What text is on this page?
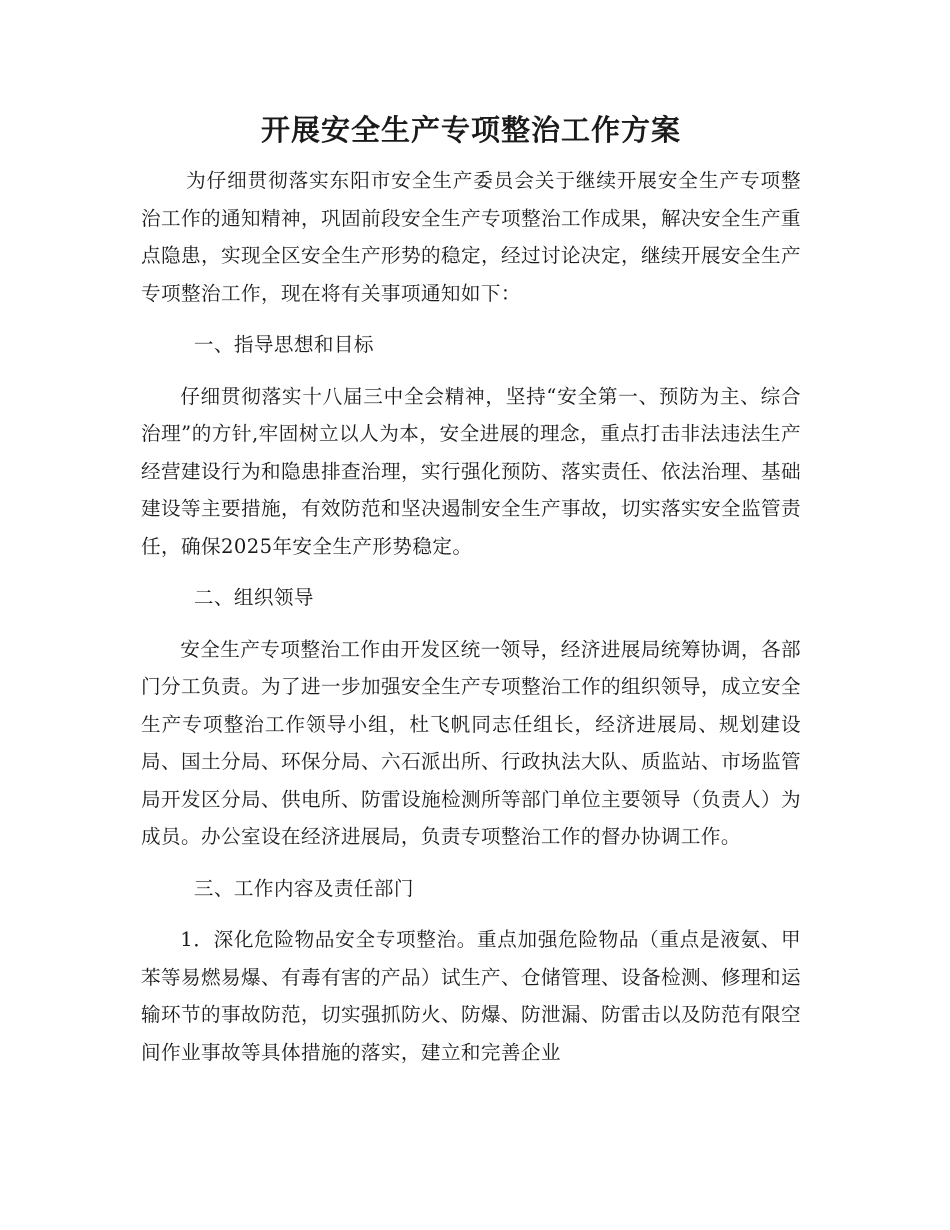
开展安全生产专项整治工作方案

为仔细贯彻落实东阳市安全生产委员会关于继续开展安全生产专项整治工作的通知精神，巩固前段安全生产专项整治工作成果，解决安全生产重点隐患，实现全区安全生产形势的稳定，经过讨论决定，继续开展安全生产专项整治工作，现在将有关事项通知如下：

一、指导思想和目标

仔细贯彻落实十八届三中全会精神，坚持“安全第一、预防为主、综合治理”的方针,牢固树立以人为本，安全进展的理念，重点打击非法违法生产经营建设行为和隐患排查治理，实行强化预防、落实责任、依法治理、基础建设等主要措施，有效防范和坚决遏制安全生产事故，切实落实安全监管责任，确保2025年安全生产形势稳定。

二、组织领导

安全生产专项整治工作由开发区统一领导，经济进展局统筹协调，各部门分工负责。为了进一步加强安全生产专项整治工作的组织领导，成立安全生产专项整治工作领导小组，杜飞帆同志任组长，经济进展局、规划建设局、国土分局、环保分局、六石派出所、行政执法大队、质监站、市场监管局开发区分局、供电所、防雷设施检测所等部门单位主要领导（负责人）为成员。办公室设在经济进展局，负责专项整治工作的督办协调工作。

三、工作内容及责任部门

1．深化危险物品安全专项整治。重点加强危险物品（重点是液氨、甲苯等易燃易爆、有毒有害的产品）试生产、仓储管理、设备检测、修理和运输环节的事故防范，切实强抓防火、防爆、防泄漏、防雷击以及防范有限空间作业事故等具体措施的落实，建立和完善企业
